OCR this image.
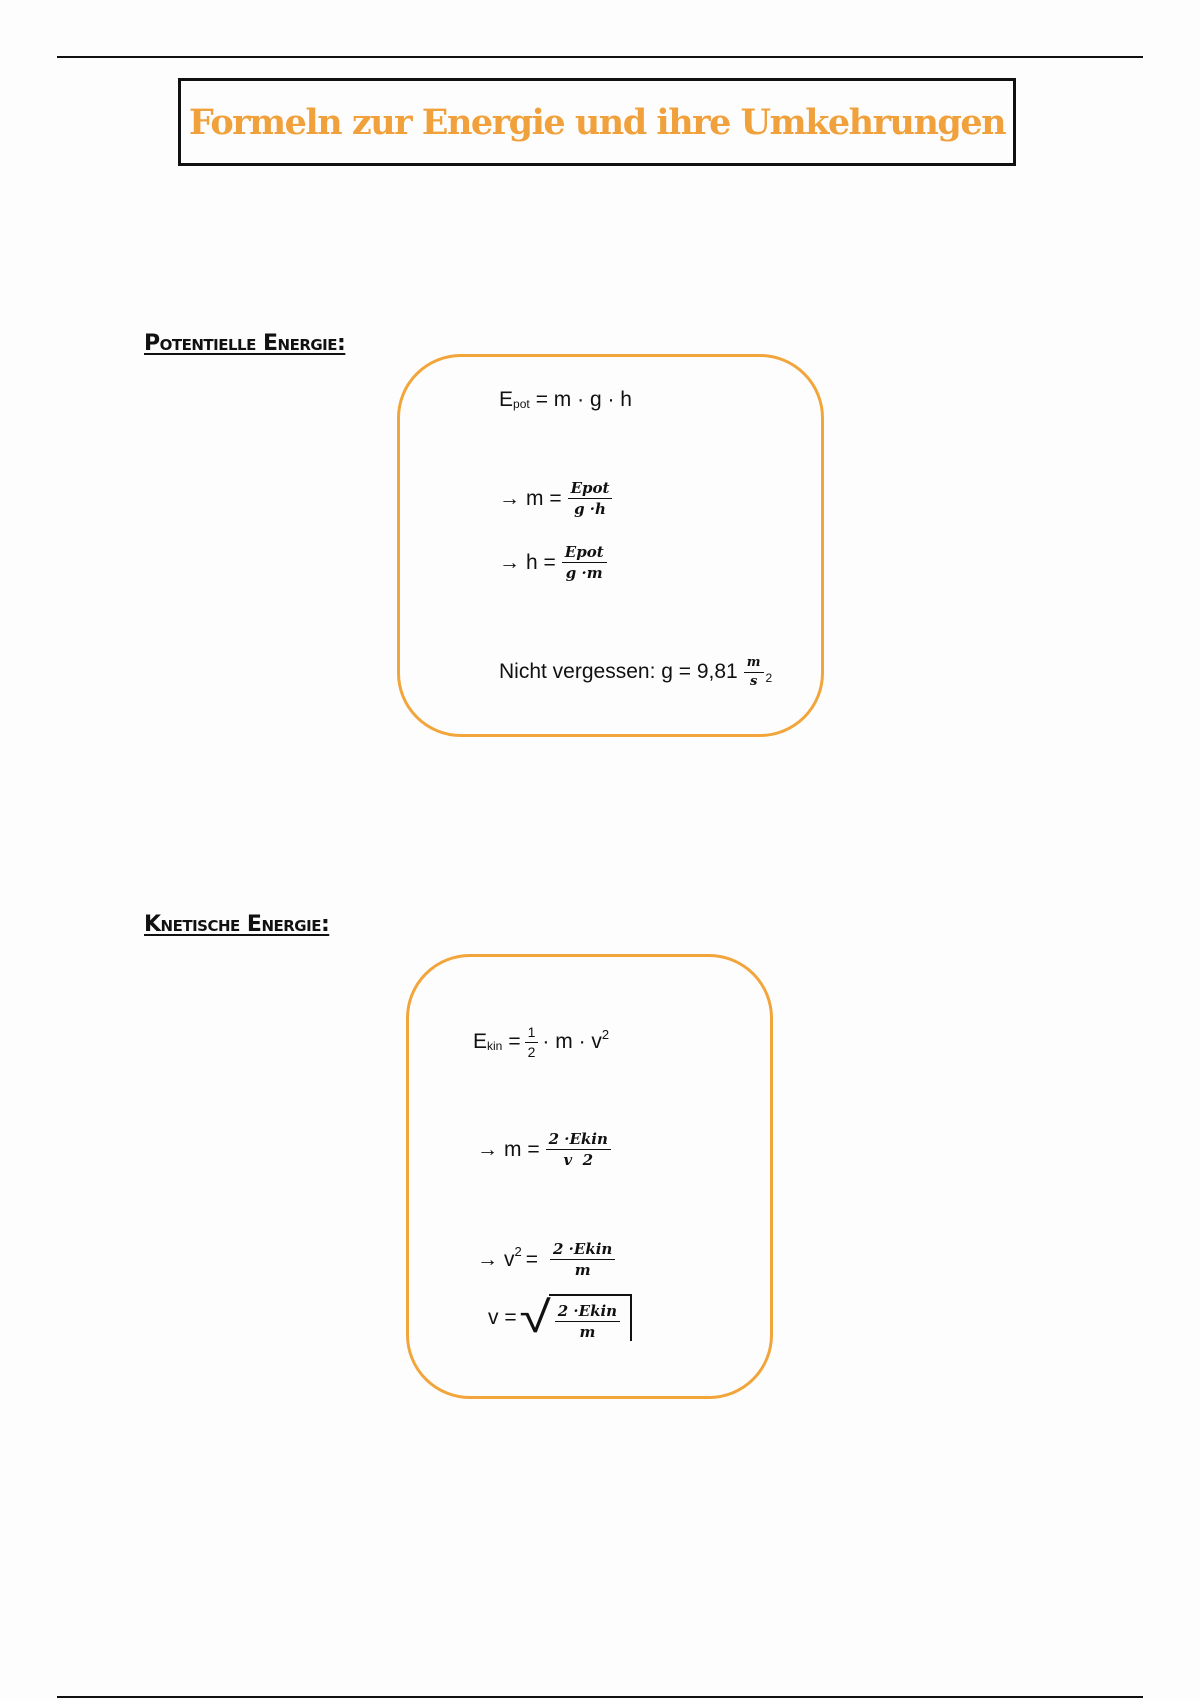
Formeln zur Energie und ihre Umkehrungen
Potentielle Energie:
E pot = m · g · h
→ $m = \frac{\text{Epot}}{g \cdot h}$
→ $h = \frac{\text{Epot}}{g \cdot m}$
Nicht vergessen: $g = 9,81 \frac{m}{s} 2$
Knetische Energie:
E kin = $\frac{1}{2} \cdot m \cdot v$ 2
→ $m = \frac{\text{2 ·Ekin}}{v 2}$
→ v $2 = \frac{\text{2 ·Ekin}}{m}$
v = √ $\frac{\text{2 ·Ekin}}{m}$
